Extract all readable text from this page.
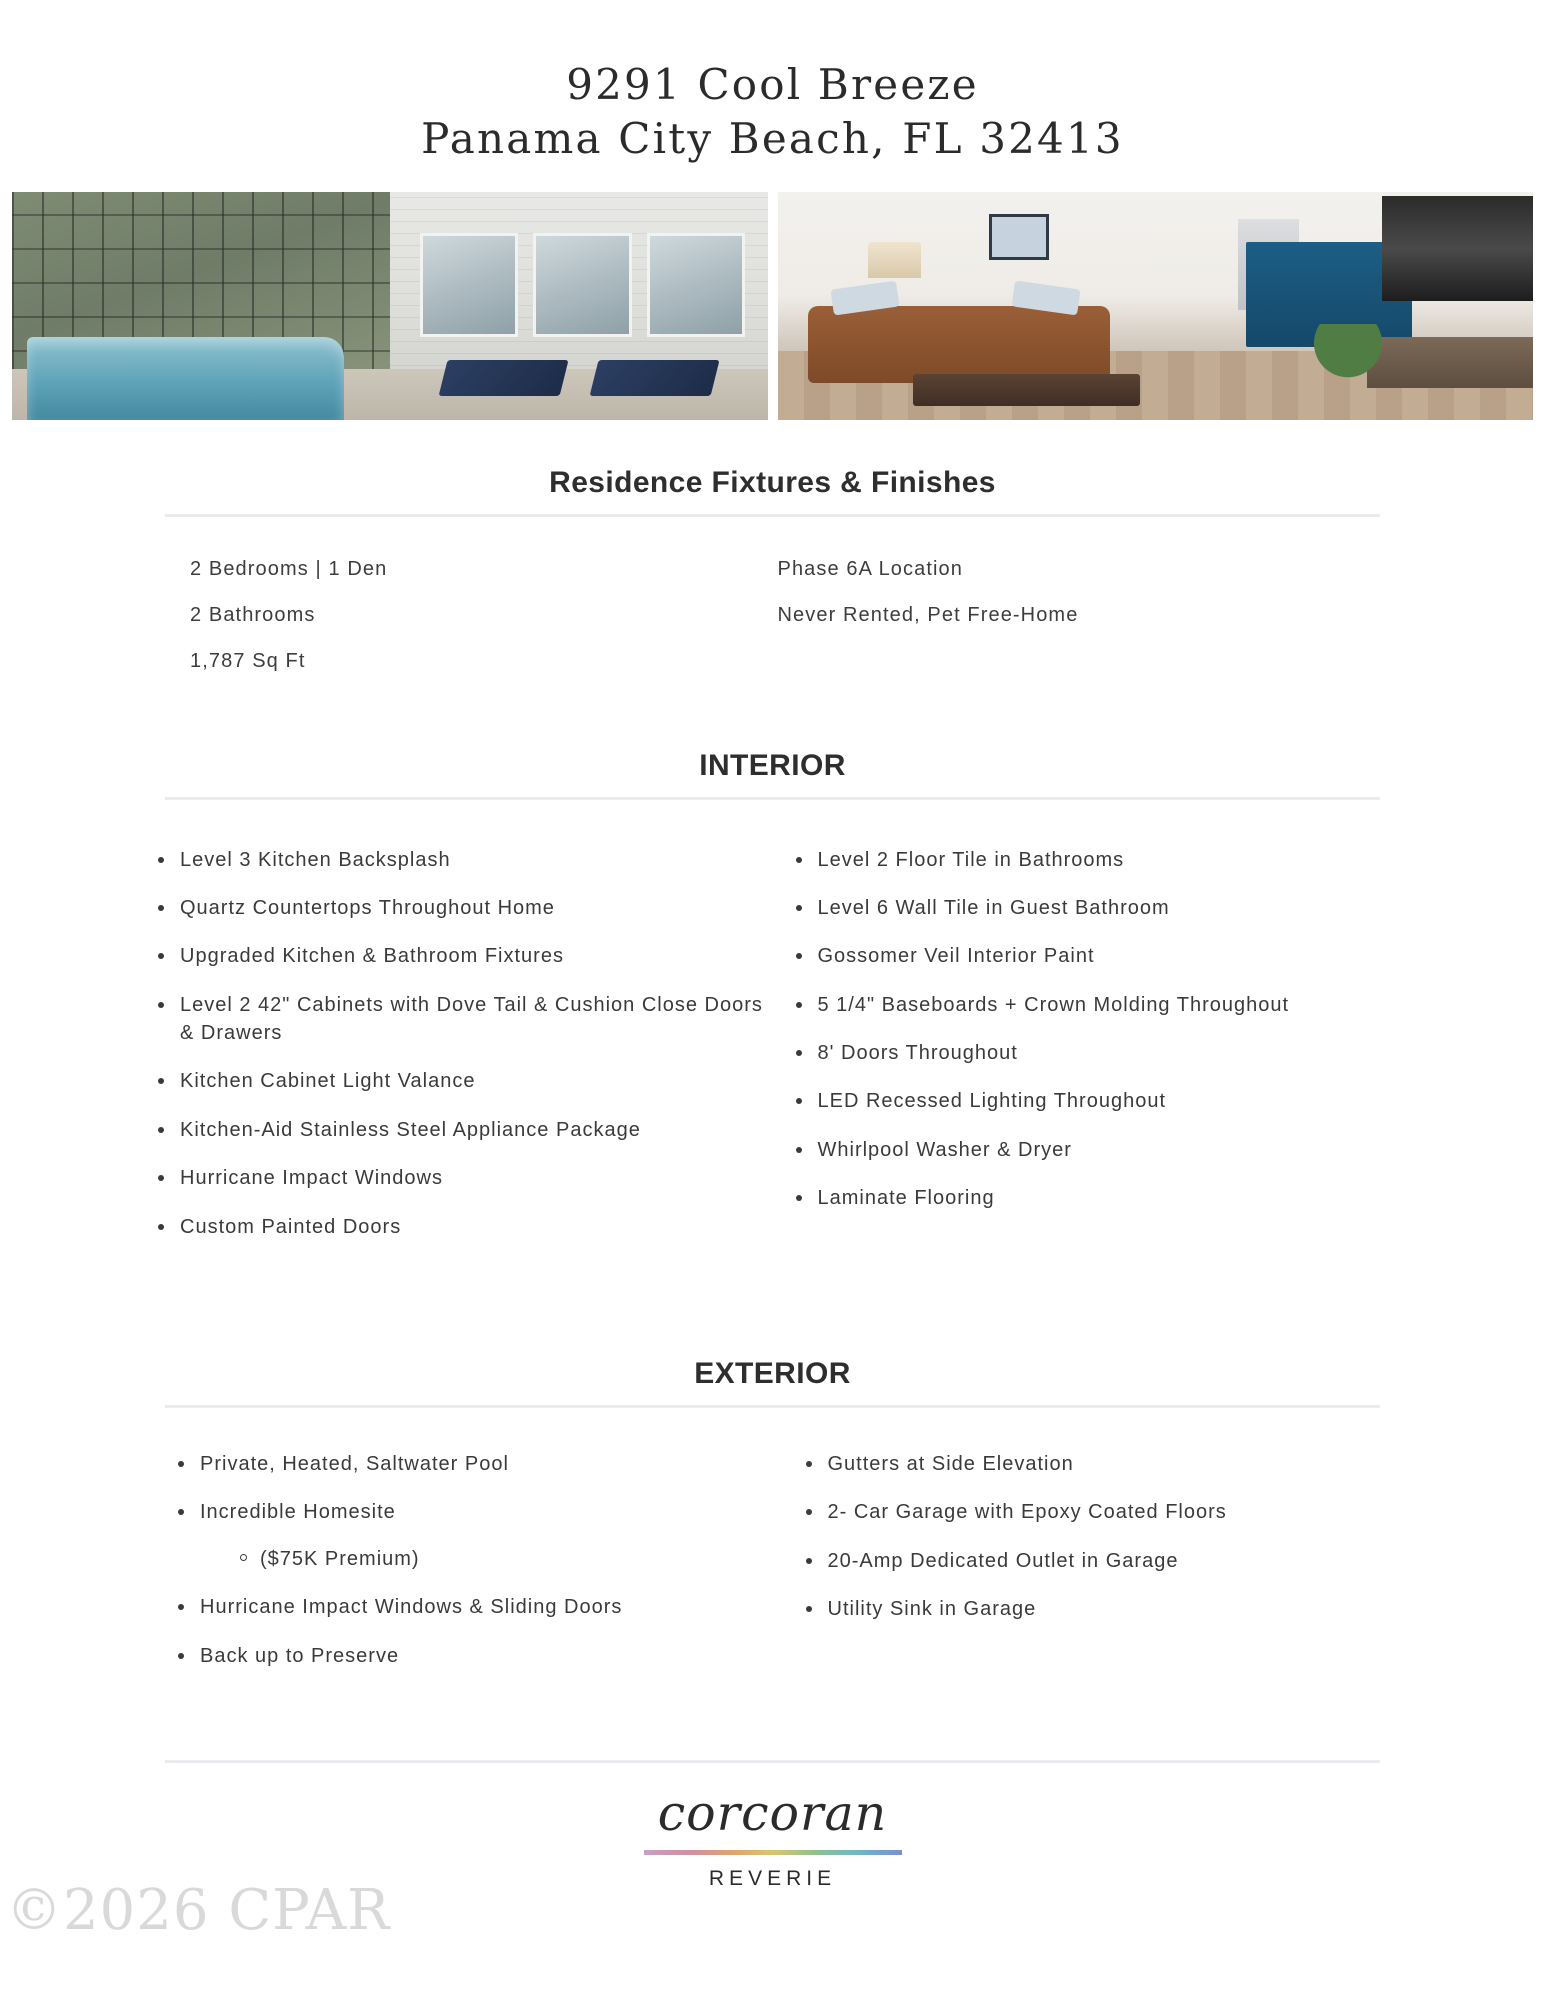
9291 Cool Breeze
Panama City Beach, FL 32413
Residence Fixtures & Finishes
2 Bedrooms | 1 Den
2 Bathrooms
1,787 Sq Ft
Phase 6A Location
Never Rented, Pet Free-Home
INTERIOR
Level 3 Kitchen Backsplash
Quartz Countertops Throughout Home
Upgraded Kitchen & Bathroom Fixtures
Level 2 42" Cabinets with Dove Tail & Cushion Close Doors & Drawers
Kitchen Cabinet Light Valance
Kitchen-Aid Stainless Steel Appliance Package
Hurricane Impact Windows
Custom Painted Doors
Level 2 Floor Tile in Bathrooms
Level 6 Wall Tile in Guest Bathroom
Gossomer Veil Interior Paint
5 1/4" Baseboards + Crown Molding Throughout
8' Doors Throughout
LED Recessed Lighting Throughout
Whirlpool Washer & Dryer
Laminate Flooring
EXTERIOR
Private, Heated, Saltwater Pool
Incredible Homesite
($75K Premium)
Hurricane Impact Windows & Sliding Doors
Back up to Preserve
Gutters at Side Elevation
2- Car Garage with Epoxy Coated Floors
20-Amp Dedicated Outlet in Garage
Utility Sink in Garage
corcoran
REVERIE
©2026 CPAR
